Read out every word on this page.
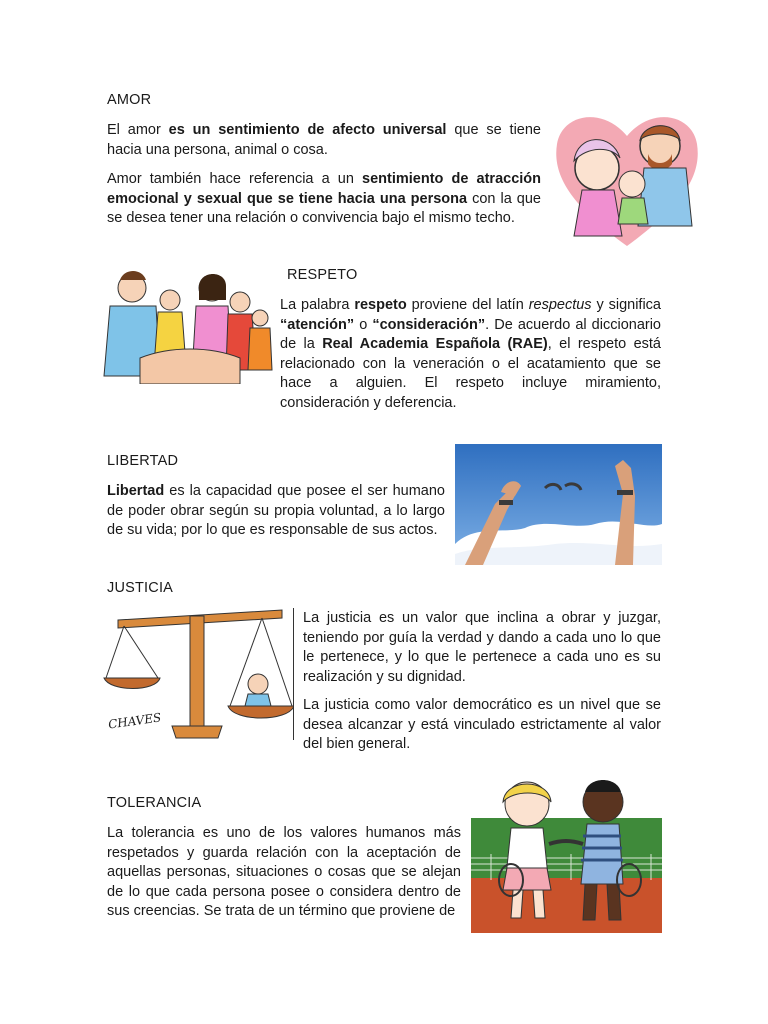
AMOR

El amor es un sentimiento de afecto universal que se tiene hacia una persona, animal o cosa.

Amor también hace referencia a un sentimiento de atracción emocional y sexual que se tiene hacia una persona con la que se desea tener una relación o convivencia bajo el mismo techo.

RESPETO

La palabra respeto proviene del latín respectus y significa “atención” o “consideración”. De acuerdo al diccionario de la Real Academia Española (RAE), el respeto está relacionado con la veneración o el acatamiento que se hace a alguien. El respeto incluye miramiento, consideración y deferencia.

LIBERTAD

Libertad es la capacidad que posee el ser humano de poder obrar según su propia voluntad, a lo largo de su vida; por lo que es responsable de sus actos.

JUSTICIA
CHAVES

La justicia es un valor que inclina a obrar y juzgar, teniendo por guía la verdad y dando a cada uno lo que le pertenece, y lo que le pertenece a cada uno es su realización y su dignidad.

La justicia como valor democrático es un nivel que se desea alcanzar y está vinculado estrictamente al valor del bien general.

TOLERANCIA

La tolerancia es uno de los valores humanos más respetados y guarda relación con la aceptación de aquellas personas, situaciones o cosas que se alejan de lo que cada persona posee o considera dentro de sus creencias. Se trata de un término que proviene de
